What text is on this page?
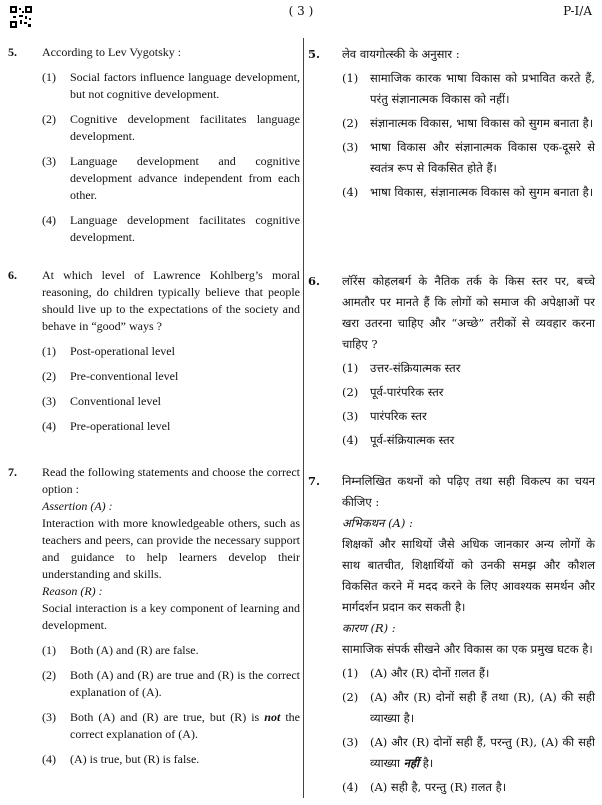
( 3 )	P-I/A
5. According to Lev Vygotsky :
(1)	Social factors influence language development, but not cognitive development.
(2)	Cognitive development facilitates language development.
(3)	Language development and cognitive development advance independent from each other.
(4)	Language development facilitates cognitive development.
6. At which level of Lawrence Kohlberg’s moral reasoning, do children typically believe that people should live up to the expectations of the society and behave in “good” ways ?
(1)	Post-operational level
(2)	Pre-conventional level
(3)	Conventional level
(4)	Pre-operational level
7. Read the following statements and choose the correct option :
Assertion (A) :
Interaction with more knowledgeable others, such as teachers and peers, can provide the necessary support and guidance to help learners develop their understanding and skills.
Reason (R) :
Social interaction is a key component of learning and development.
(1)	Both (A) and (R) are false.
(2)	Both (A) and (R) are true and (R) is the correct explanation of (A).
(3)	Both (A) and (R) are true, but (R) is not the correct explanation of (A).
(4)	(A) is true, but (R) is false.
5. लेव वायगोत्स्की के अनुसार :
(1)	सामाजिक कारक भाषा विकास को प्रभावित करते हैं, परंतु संज्ञानात्मक विकास को नहीं।
(2)	संज्ञानात्मक विकास, भाषा विकास को सुगम बनाता है।
(3)	भाषा विकास और संज्ञानात्मक विकास एक-दूसरे से स्वतंत्र रूप से विकसित होते हैं।
(4)	भाषा विकास, संज्ञानात्मक विकास को सुगम बनाता है।
6. लॉरेंस कोहलबर्ग के नैतिक तर्क के किस स्तर पर, बच्चे आमतौर पर मानते हैं कि लोगों को समाज की अपेक्षाओं पर खरा उतरना चाहिए और “अच्छे” तरीकों से व्यवहार करना चाहिए ?
(1)	उत्तर-संक्रियात्मक स्तर
(2)	पूर्व-पारंपरिक स्तर
(3)	पारंपरिक स्तर
(4)	पूर्व-संक्रियात्मक स्तर
7. निम्नलिखित कथनों को पढ़िए तथा सही विकल्प का चयन कीजिए :
अभिकथन (A) :
शिक्षकों और साथियों जैसे अधिक जानकार अन्य लोगों के साथ बातचीत, शिक्षार्थियों को उनकी समझ और कौशल विकसित करने में मदद करने के लिए आवश्यक समर्थन और मार्गदर्शन प्रदान कर सकती है।
कारण (R) :
सामाजिक संपर्क सीखने और विकास का एक प्रमुख घटक है।
(1)	(A) और (R) दोनों ग़लत हैं।
(2)	(A) और (R) दोनों सही हैं तथा (R), (A) की सही व्याख्या है।
(3)	(A) और (R) दोनों सही हैं, परन्तु (R), (A) की सही व्याख्या नहीं है।
(4)	(A) सही है, परन्तु (R) ग़लत है।
